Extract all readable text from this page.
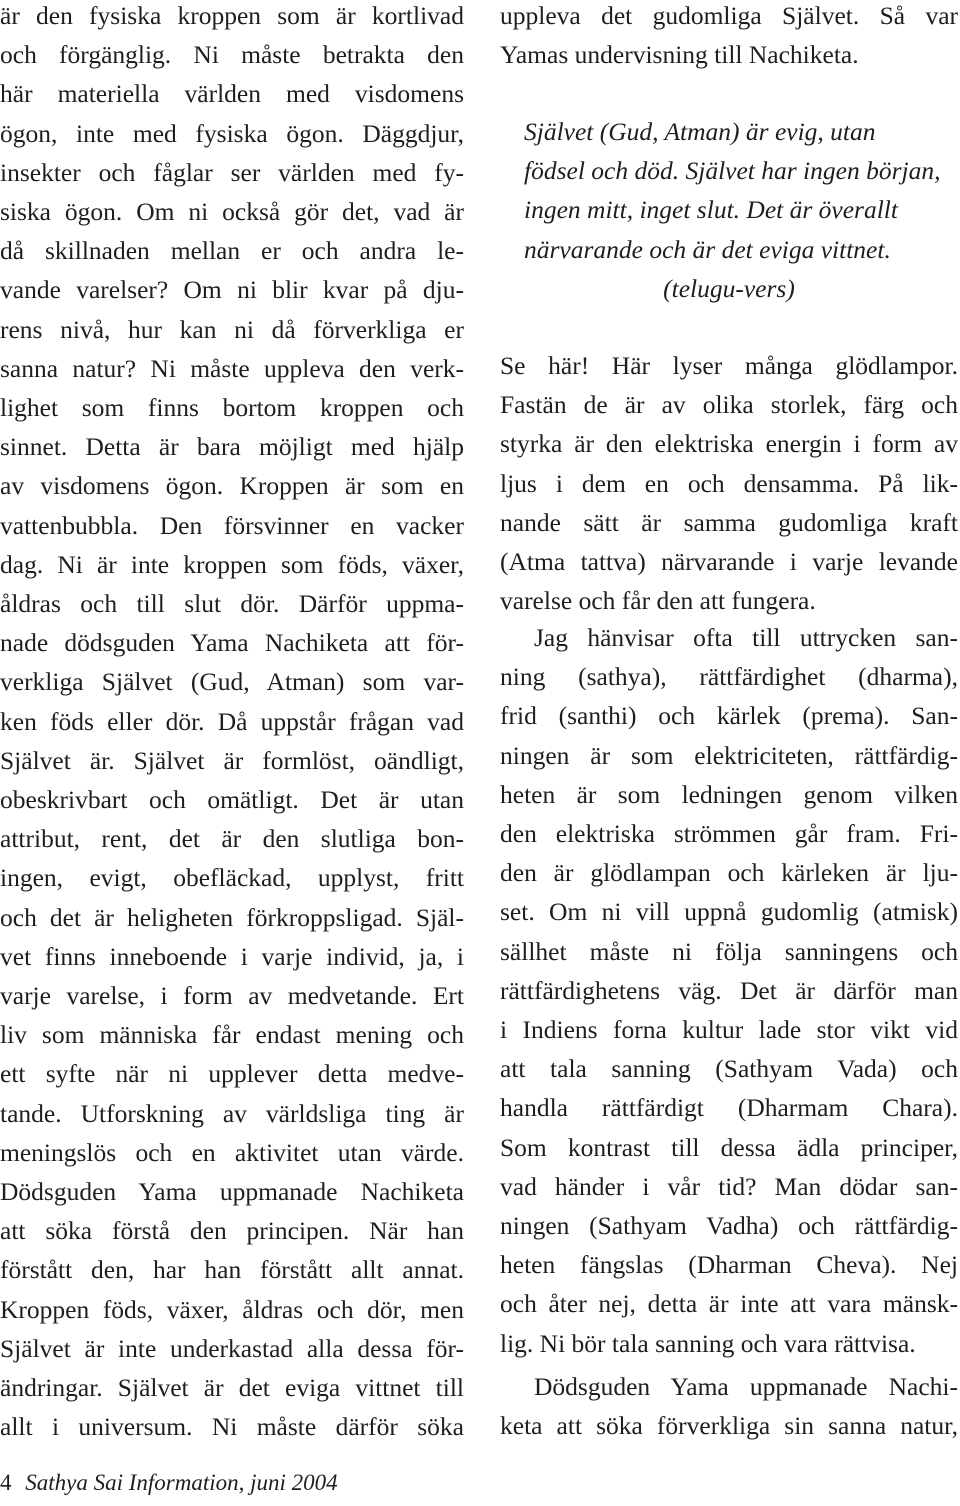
är den fysiska kroppen som är kortlivad
och förgänglig. Ni måste betrakta den
här materiella världen med visdomens
ögon, inte med fysiska ögon. Däggdjur,
insekter och fåglar ser världen med fy-
siska ögon. Om ni också gör det, vad är
då skillnaden mellan er och andra le-
vande varelser? Om ni blir kvar på dju-
rens nivå, hur kan ni då förverkliga er
sanna natur? Ni måste uppleva den verk-
lighet som finns bortom kroppen och
sinnet. Detta är bara möjligt med hjälp
av visdomens ögon. Kroppen är som en
vattenbubbla. Den försvinner en vacker
dag. Ni är inte kroppen som föds, växer,
åldras och till slut dör. Därför uppma-
nade dödsguden Yama Nachiketa att för-
verkliga Självet (Gud, Atman) som var-
ken föds eller dör. Då uppstår frågan vad
Självet är. Självet är formlöst, oändligt,
obeskrivbart och omätligt. Det är utan
attribut, rent, det är den slutliga bon-
ingen, evigt, obefläckad, upplyst, fritt
och det är heligheten förkroppsligad. Själ-
vet finns inneboende i varje individ, ja, i
varje varelse, i form av medvetande. Ert
liv som människa får endast mening och
ett syfte när ni upplever detta medve-
tande. Utforskning av världsliga ting är
meningslös och en aktivitet utan värde.
Dödsguden Yama uppmanade Nachiketa
att söka förstå den principen. När han
förstått den, har han förstått allt annat.
Kroppen föds, växer, åldras och dör, men
Självet är inte underkastad alla dessa för-
ändringar. Självet är det eviga vittnet till
allt i universum. Ni måste därför söka
uppleva det gudomliga Självet. Så var
Yamas undervisning till Nachiketa.
Självet (Gud, Atman) är evig, utan
födsel och död. Självet har ingen början,
ingen mitt, inget slut. Det är överallt
närvarande och är det eviga vittnet.
(telugu-vers)
Se här! Här lyser många glödlampor.
Fastän de är av olika storlek, färg och
styrka är den elektriska energin i form av
ljus i dem en och densamma. På lik-
nande sätt är samma gudomliga kraft
(Atma tattva) närvarande i varje levande
varelse och får den att fungera.
Jag hänvisar ofta till uttrycken san-
ning (sathya), rättfärdighet (dharma),
frid (santhi) och kärlek (prema). San-
ningen är som elektriciteten, rättfärdig-
heten är som ledningen genom vilken
den elektriska strömmen går fram. Fri-
den är glödlampan och kärleken är lju-
set. Om ni vill uppnå gudomlig (atmisk)
sällhet måste ni följa sanningens och
rättfärdighetens väg. Det är därför man
i Indiens forna kultur lade stor vikt vid
att tala sanning (Sathyam Vada) och
handla rättfärdigt (Dharmam Chara).
Som kontrast till dessa ädla principer,
vad händer i vår tid? Man dödar san-
ningen (Sathyam Vadha) och rättfärdig-
heten fängslas (Dharman Cheva). Nej
och åter nej, detta är inte att vara mänsk-
lig. Ni bör tala sanning och vara rättvisa.
Dödsguden Yama uppmanade Nachi-
keta att söka förverkliga sin sanna natur,
4 Sathya Sai Information, juni 2004
